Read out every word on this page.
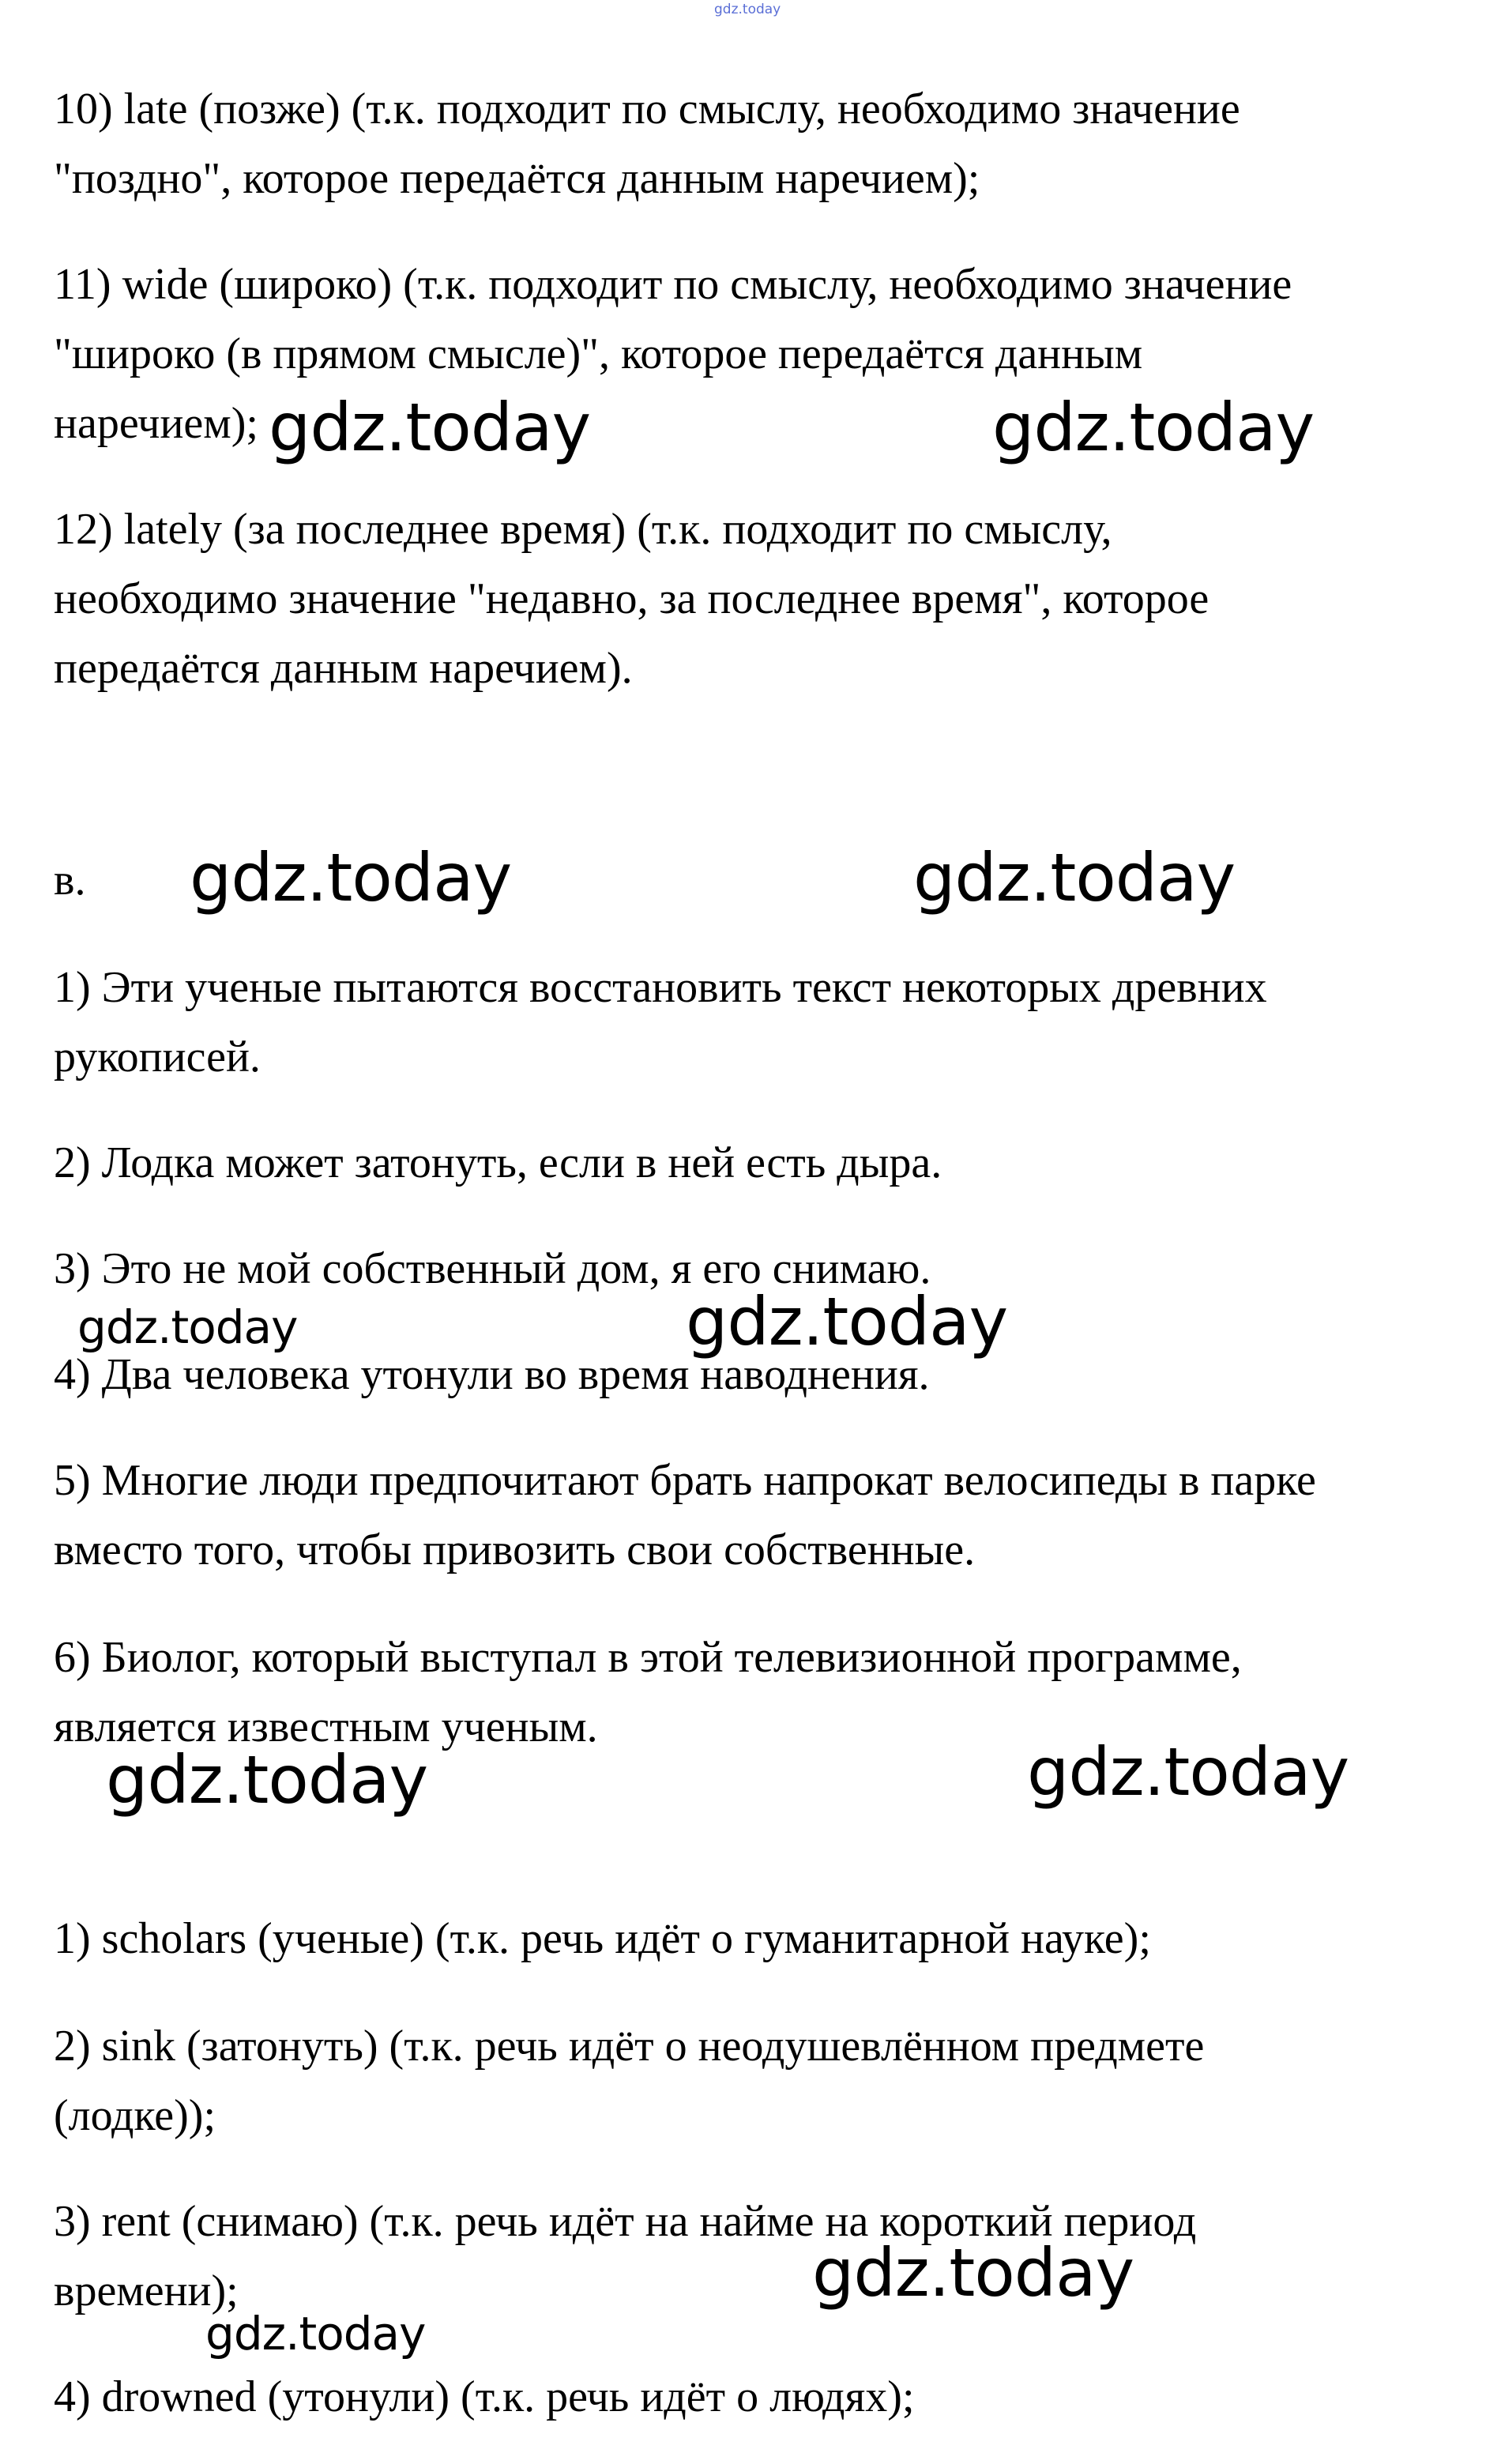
gdz.today

10) late (позже) (т.к. подходит по смыслу, необходимо значение
"поздно", которое передаётся данным наречием);

11) wide (широко) (т.к. подходит по смыслу, необходимо значение
"широко (в прямом смысле)", которое передаётся данным
наречием);

12) lately (за последнее время) (т.к. подходит по смыслу,
необходимо значение "недавно, за последнее время", которое
передаётся данным наречием).

в.

1) Эти ученые пытаются восстановить текст некоторых древних
рукописей.

2) Лодка может затонуть, если в ней есть дыра.

3) Это не мой собственный дом, я его снимаю.

4) Два человека утонули во время наводнения.

5) Многие люди предпочитают брать напрокат велосипеды в парке
вместо того, чтобы привозить свои собственные.

6) Биолог, который выступал в этой телевизионной программе,
является известным ученым.

1) scholars (ученые) (т.к. речь идёт о гуманитарной науке);

2) sink (затонуть) (т.к. речь идёт о неодушевлённом предмете
(лодке));

3) rent (снимаю) (т.к. речь идёт на найме на короткий период
времени);

4) drowned (утонули) (т.к. речь идёт о людях);

gdz.today	gdz.today
gdz.today	gdz.today
gdz.today	gdz.today
gdz.today	gdz.today
gdz.today
gdz.today
